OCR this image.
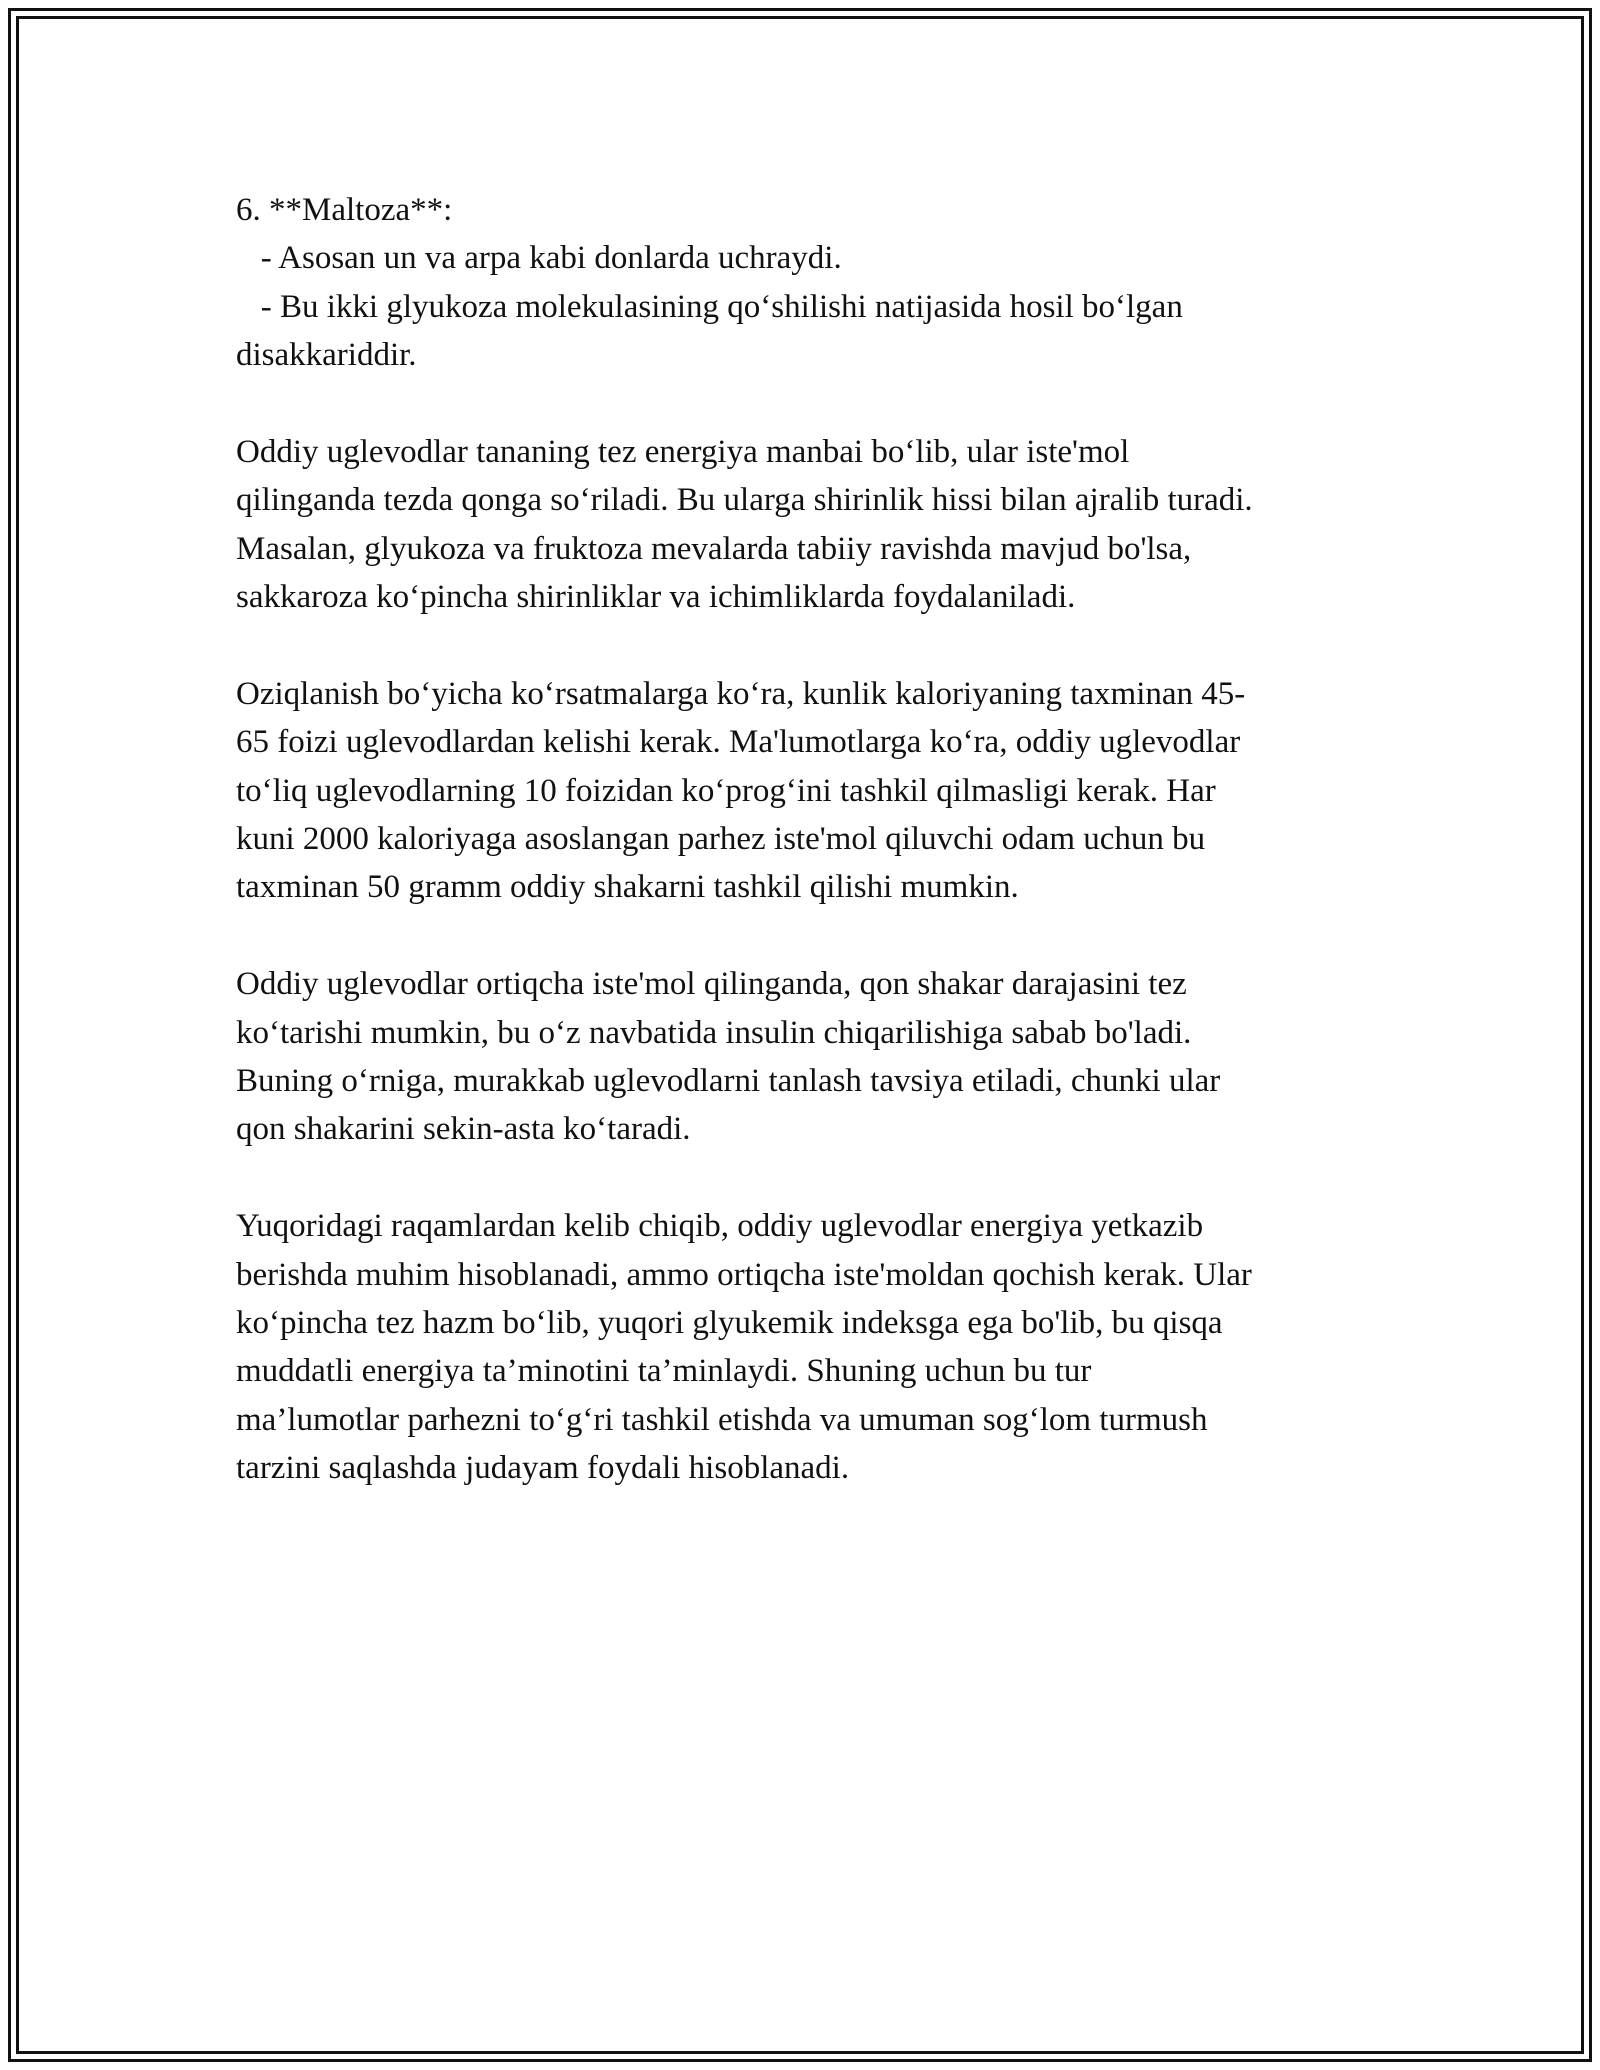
6. **Maltoza**:
- Asosan un va arpa kabi donlarda uchraydi.
- Bu ikki glyukoza molekulasining qo‘shilishi natijasida hosil bo‘lgan
disakkariddir.
Oddiy uglevodlar tananing tez energiya manbai bo‘lib, ular iste'mol
qilinganda tezda qonga so‘riladi. Bu ularga shirinlik hissi bilan ajralib turadi.
Masalan, glyukoza va fruktoza mevalarda tabiiy ravishda mavjud bo'lsa,
sakkaroza ko‘pincha shirinliklar va ichimliklarda foydalaniladi.
Oziqlanish bo‘yicha ko‘rsatmalarga ko‘ra, kunlik kaloriyaning taxminan 45-
65 foizi uglevodlardan kelishi kerak. Ma'lumotlarga ko‘ra, oddiy uglevodlar
to‘liq uglevodlarning 10 foizidan ko‘prog‘ini tashkil qilmasligi kerak. Har
kuni 2000 kaloriyaga asoslangan parhez iste'mol qiluvchi odam uchun bu
taxminan 50 gramm oddiy shakarni tashkil qilishi mumkin.
Oddiy uglevodlar ortiqcha iste'mol qilinganda, qon shakar darajasini tez
ko‘tarishi mumkin, bu o‘z navbatida insulin chiqarilishiga sabab bo'ladi.
Buning o‘rniga, murakkab uglevodlarni tanlash tavsiya etiladi, chunki ular
qon shakarini sekin-asta ko‘taradi.
Yuqoridagi raqamlardan kelib chiqib, oddiy uglevodlar energiya yetkazib
berishda muhim hisoblanadi, ammo ortiqcha iste'moldan qochish kerak. Ular
ko‘pincha tez hazm bo‘lib, yuqori glyukemik indeksga ega bo'lib, bu qisqa
muddatli energiya ta’minotini ta’minlaydi. Shuning uchun bu tur
ma’lumotlar parhezni to‘g‘ri tashkil etishda va umuman sog‘lom turmush
tarzini saqlashda judayam foydali hisoblanadi.
